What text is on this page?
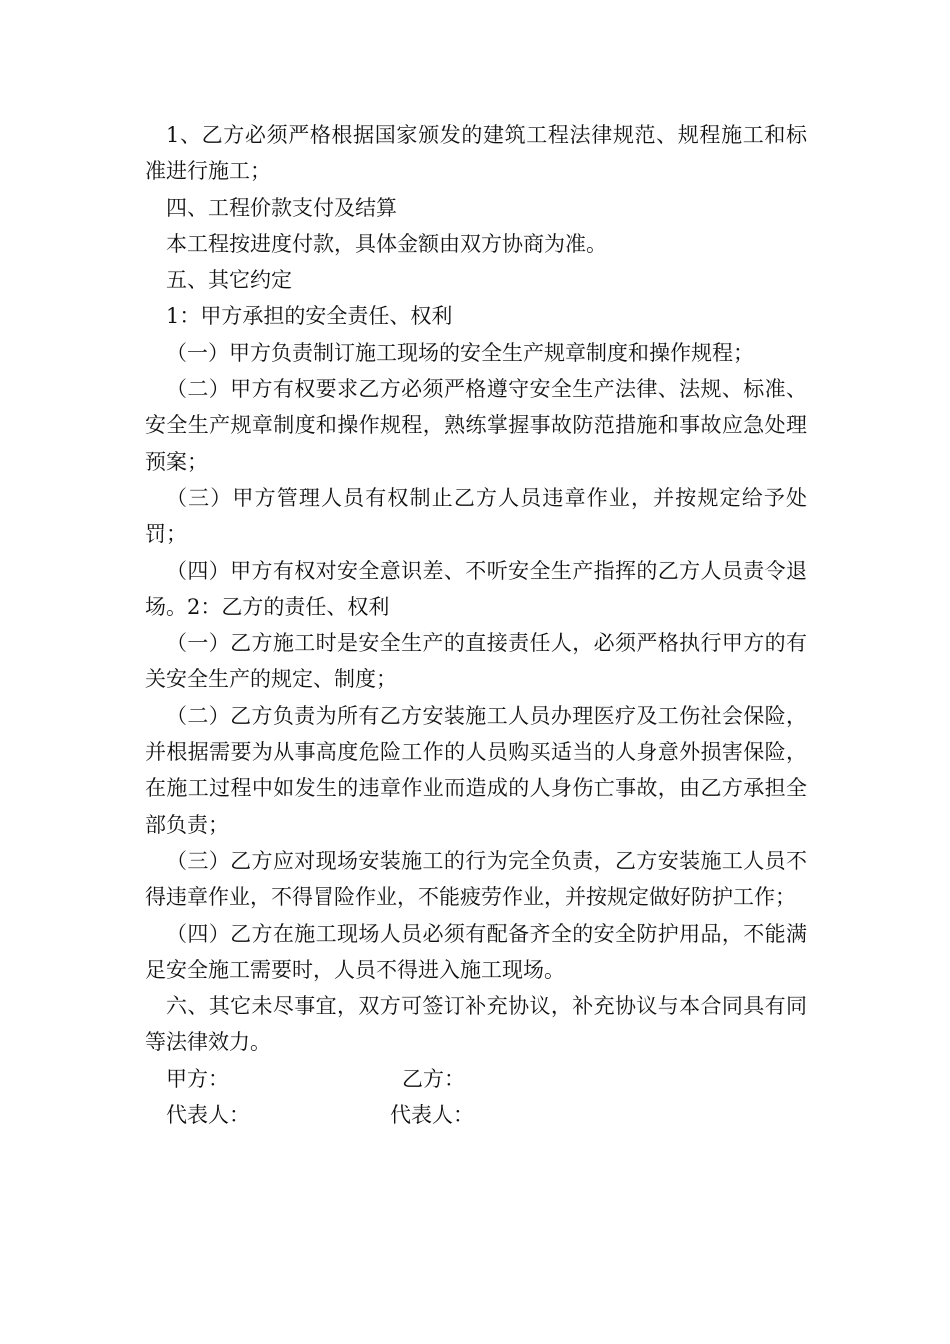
1、乙方必须严格根据国家颁发的建筑工程法律规范、规程施工和标准进行施工；

四、工程价款支付及结算

本工程按进度付款，具体金额由双方协商为准。

五、其它约定

1：甲方承担的安全责任、权利

（一）甲方负责制订施工现场的安全生产规章制度和操作规程；

（二）甲方有权要求乙方必须严格遵守安全生产法律、法规、标准、安全生产规章制度和操作规程，熟练掌握事故防范措施和事故应急处理预案；

（三）甲方管理人员有权制止乙方人员违章作业，并按规定给予处罚；

（四）甲方有权对安全意识差、不听安全生产指挥的乙方人员责令退场。2：乙方的责任、权利

（一）乙方施工时是安全生产的直接责任人，必须严格执行甲方的有关安全生产的规定、制度；

（二）乙方负责为所有乙方安装施工人员办理医疗及工伤社会保险，并根据需要为从事高度危险工作的人员购买适当的人身意外损害保险，在施工过程中如发生的违章作业而造成的人身伤亡事故，由乙方承担全部负责；

（三）乙方应对现场安装施工的行为完全负责，乙方安装施工人员不得违章作业，不得冒险作业，不能疲劳作业，并按规定做好防护工作；

（四）乙方在施工现场人员必须有配备齐全的安全防护用品，不能满足安全施工需要时，人员不得进入施工现场。

六、其它未尽事宜，双方可签订补充协议，补充协议与本合同具有同等法律效力。

甲方：	乙方：
代表人：	代表人：
